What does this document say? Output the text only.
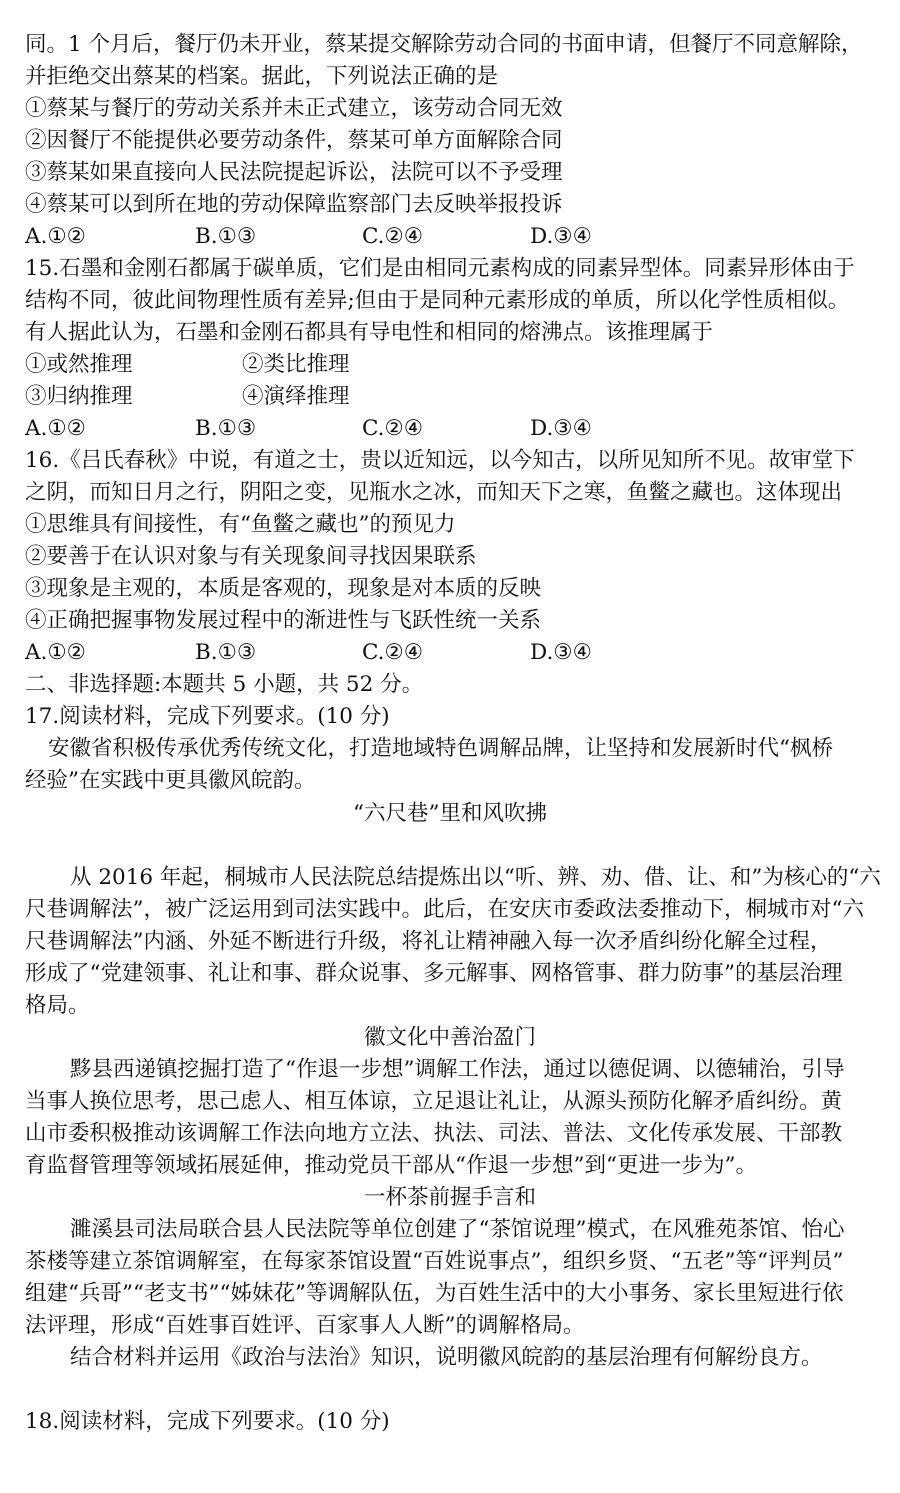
同。1 个月后，餐厅仍未开业，蔡某提交解除劳动合同的书面申请，但餐厅不同意解除，
并拒绝交出蔡某的档案。据此，下列说法正确的是
①蔡某与餐厅的劳动关系并未正式建立，该劳动合同无效
②因餐厅不能提供必要劳动条件，蔡某可单方面解除合同
③蔡某如果直接向人民法院提起诉讼，法院可以不予受理
④蔡某可以到所在地的劳动保障监察部门去反映举报投诉
A.①②	B.①③	C.②④	D.③④
15.石墨和金刚石都属于碳单质，它们是由相同元素构成的同素异型体。同素异形体由于
结构不同，彼此间物理性质有差异;但由于是同种元素形成的单质，所以化学性质相似。
有人据此认为，石墨和金刚石都具有导电性和相同的熔沸点。该推理属于
①或然推理	②类比推理
③归纳推理	④演绎推理
A.①②	B.①③	C.②④	D.③④
16.《吕氏春秋》中说，有道之士，贵以近知远，以今知古，以所见知所不见。故审堂下
之阴，而知日月之行，阴阳之变，见瓶水之冰，而知天下之寒，鱼鳖之藏也。这体现出
①思维具有间接性，有“鱼鳖之藏也”的预见力
②要善于在认识对象与有关现象间寻找因果联系
③现象是主观的，本质是客观的，现象是对本质的反映
④正确把握事物发展过程中的渐进性与飞跃性统一关系
A.①②	B.①③	C.②④	D.③④
二、非选择题:本题共 5 小题，共 52 分。
17.阅读材料，完成下列要求。(10 分)
安徽省积极传承优秀传统文化，打造地域特色调解品牌，让坚持和发展新时代“枫桥
经验”在实践中更具徽风皖韵。
“六尺巷”里和风吹拂
从 2016 年起，桐城市人民法院总结提炼出以“听、辨、劝、借、让、和”为核心的“六
尺巷调解法”，被广泛运用到司法实践中。此后，在安庆市委政法委推动下，桐城市对“六
尺巷调解法”内涵、外延不断进行升级，将礼让精神融入每一次矛盾纠纷化解全过程，
形成了“党建领事、礼让和事、群众说事、多元解事、网格管事、群力防事”的基层治理
格局。
徽文化中善治盈门
黟县西递镇挖掘打造了“作退一步想”调解工作法，通过以德促调、以德辅治，引导
当事人换位思考，思己虑人、相互体谅，立足退让礼让，从源头预防化解矛盾纠纷。黄
山市委积极推动该调解工作法向地方立法、执法、司法、普法、文化传承发展、干部教
育监督管理等领域拓展延伸，推动党员干部从“作退一步想”到“更进一步为”。
一杯茶前握手言和
濉溪县司法局联合县人民法院等单位创建了“茶馆说理”模式，在风雅苑茶馆、怡心
茶楼等建立茶馆调解室，在每家茶馆设置“百姓说事点”，组织乡贤、“五老”等“评判员”
组建“兵哥”“老支书”“姊妹花”等调解队伍，为百姓生活中的大小事务、家长里短进行依
法评理，形成“百姓事百姓评、百家事人人断”的调解格局。
结合材料并运用《政治与法治》知识，说明徽风皖韵的基层治理有何解纷良方。
18.阅读材料，完成下列要求。(10 分)
